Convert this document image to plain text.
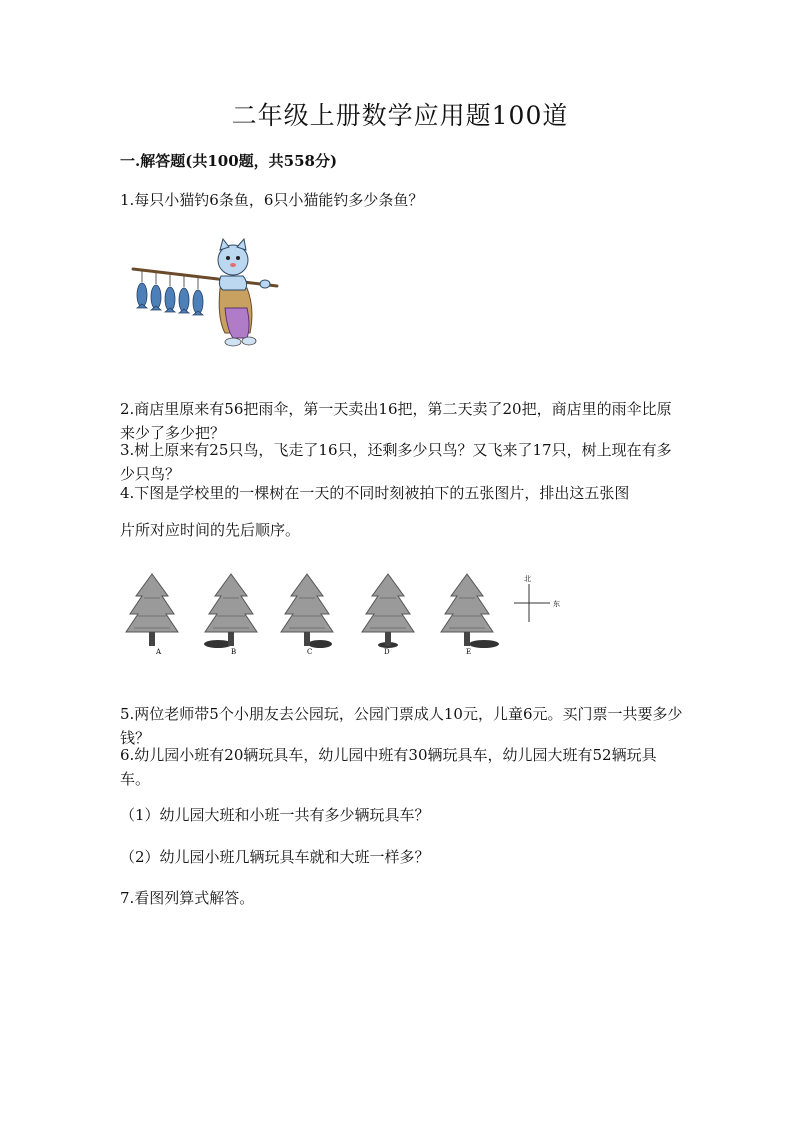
二年级上册数学应用题100道
一.解答题(共100题，共558分)
1.每只小猫钓6条鱼，6只小猫能钓多少条鱼？
2.商店里原来有56把雨伞，第一天卖出16把，第二天卖了20把，商店里的雨伞比原来少了多少把？
3.树上原来有25只鸟，飞走了16只，还剩多少只鸟？又飞来了17只，树上现在有多少只鸟？
4.下图是学校里的一棵树在一天的不同时刻被拍下的五张图片，排出这五张图
片所对应时间的先后顺序。
A	B	C	D	E
北
东
5.两位老师带5个小朋友去公园玩，公园门票成人10元，儿童6元。买门票一共要多少钱？
6.幼儿园小班有20辆玩具车，幼儿园中班有30辆玩具车，幼儿园大班有52辆玩具车。
（1）幼儿园大班和小班一共有多少辆玩具车？
（2）幼儿园小班几辆玩具车就和大班一样多？
7.看图列算式解答。
